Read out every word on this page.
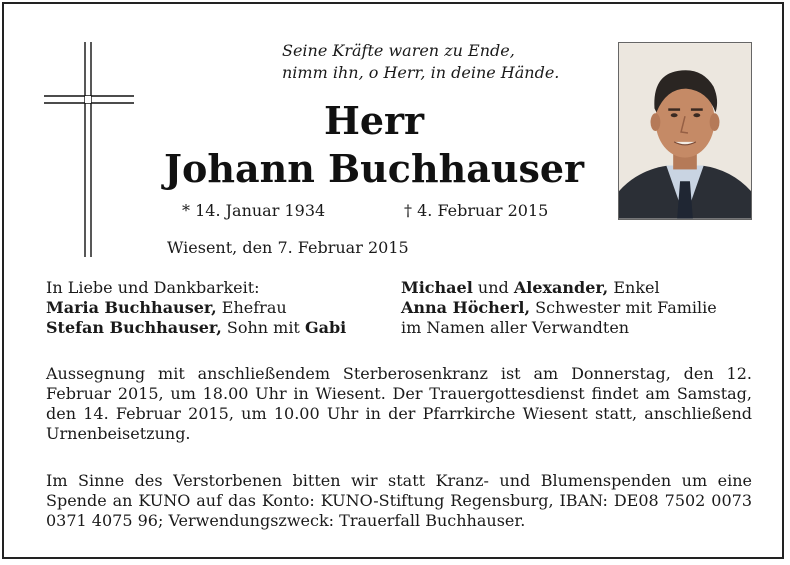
Seine Kräfte waren zu Ende,
nimm ihn, o Herr, in deine Hände.
Herr
Johann Buchhauser
* 14. Januar 1934	† 4. Februar 2015
Wiesent, den 7. Februar 2015
In Liebe und Dankbarkeit:
Maria Buchhauser, Ehefrau
Stefan Buchhauser, Sohn mit Gabi
Michael und Alexander, Enkel
Anna Höcherl, Schwester mit Familie
im Namen aller Verwandten
Aussegnung mit anschließendem Sterberosenkranz ist am Donnerstag, den 12. Februar 2015, um 18.00 Uhr in Wiesent. Der Trauergottesdienst findet am Samstag, den 14. Februar 2015, um 10.00 Uhr in der Pfarrkirche Wiesent statt, anschließend Urnenbeisetzung.
Im Sinne des Verstorbenen bitten wir statt Kranz- und Blumenspenden um eine Spende an KUNO auf das Konto: KUNO-Stiftung Regensburg, IBAN: DE08 7502 0073 0371 4075 96; Verwendungszweck: Trauerfall Buchhauser.
